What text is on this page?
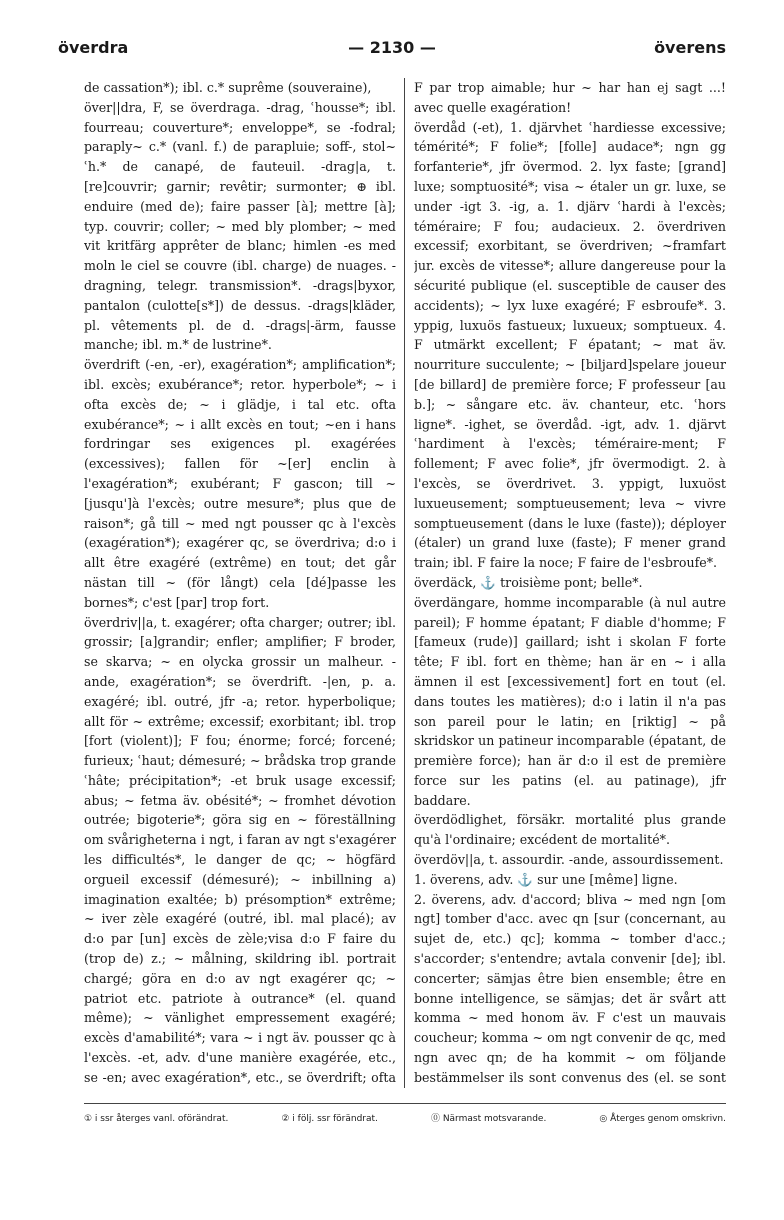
överdra	— 2130 —	överens

de cassation*); ibl. c.* suprême (souveraine),

över||dra, F, se överdraga. -drag, ʿhousse*; ibl. fourreau; couverture*; enveloppe*, se -fodral; paraply~ c.* (vanl. f.) de parapluie; soff-, stol~ ʿh.* de canapé, de fauteuil. -drag|a, t. [re]couvrir; garnir; revêtir; surmonter; ⊕ ibl. enduire (med de); faire passer [à]; mettre [à]; typ. couvrir; coller; ~ med bly plomber; ~ med vit kritfärg apprêter de blanc; himlen -es med moln le ciel se couvre (ibl. charge) de nuages. -dragning, telegr. transmission*. -drags|byxor, pantalon (culotte[s*]) de dessus. -drags|kläder, pl. vêtements pl. de d. -drags|-ärm, fausse manche; ibl. m.* de lustrine*.

överdrift (-en, -er), exagération*; amplification*; ibl. excès; exubérance*; retor. hyperbole*; ~ i ofta excès de; ~ i glädje, i tal etc. ofta exubérance*; ~ i allt excès en tout; ~en i hans fordringar ses exigences pl. exagérées (excessives); fallen för ~[er] enclin à l'exagération*; exubérant; F gascon; till ~ [jusqu']à l'excès; outre mesure*; plus que de raison*; gå till ~ med ngt pousser qc à l'excès (exagération*); exagérer qc, se överdriva; d:o i allt être exagéré (extrême) en tout; det går nästan till ~ (för långt) cela [dé]passe les bornes*; c'est [par] trop fort.

överdriv||a, t. exagérer; ofta charger; outrer; ibl. grossir; [a]grandir; enfler; amplifier; F broder, se skarva; ~ en olycka grossir un malheur. -ande, exagération*; se överdrift. -|en, p. a. exagéré; ibl. outré, jfr -a; retor. hyperbolique; allt för ~ extrême; excessif; exorbitant; ibl. trop [fort (violent)]; F fou; énorme; forcé; forcené; furieux; ʿhaut; démesuré; ~ brådska trop grande ʿhâte; précipitation*; -et bruk usage excessif; abus; ~ fetma äv. obésité*; ~ fromhet dévotion outrée; bigoterie*; göra sig en ~ föreställning om svårigheterna i ngt, i faran av ngt s'exagérer les difficultés*, le danger de qc; ~ högfärd orgueil excessif (démesuré); ~ inbillning a) imagination exaltée; b) présomption* extrême; ~ iver zèle exagéré (outré, ibl. mal placé); av d:o par [un] excès de zèle;visa d:o F faire du (trop de) z.; ~ målning, skildring ibl. portrait chargé; göra en d:o av ngt exagérer qc; ~ patriot etc. patriote à outrance* (el. quand même); ~ vänlighet empressement exagéré; excès d'amabilité*; vara ~ i ngt äv. pousser qc à l'excès. -et, adv. d'une manière exagérée, etc., se -en; avec exagération*, etc., se överdrift; ofta

F par trop aimable; hur ~ har han ej sagt ...! avec quelle exagération!

överdåd (-et), 1. djärvhet ʿhardiesse excessive; témérité*; F folie*; [folle] audace*; ngn gg forfanterie*, jfr övermod. 2. lyx faste; [grand] luxe; somptuosité*; visa ~ étaler un gr. luxe, se under -igt 3. -ig, a. 1. djärv ʿhardi à l'excès; téméraire; F fou; audacieux. 2. överdriven excessif; exorbitant, se överdriven; ~framfart jur. excès de vitesse*; allure dangereuse pour la sécurité publique (el. susceptible de causer des accidents); ~ lyx luxe exagéré; F esbroufe*. 3. yppig, luxuös fastueux; luxueux; somptueux. 4. F utmärkt excellent; F épatant; ~ mat äv. nourriture succulente; ~ [biljard]spelare joueur [de billard] de première force; F professeur [au b.]; ~ sångare etc. äv. chanteur, etc. ʿhors ligne*. -ighet, se överdåd. -igt, adv. 1. djärvt ʿhardiment à l'excès; téméraire-ment; F follement; F avec folie*, jfr övermodigt. 2. à l'excès, se överdrivet. 3. yppigt, luxuöst luxueusement; somptueusement; leva ~ vivre somptueusement (dans le luxe (faste)); déployer (étaler) un grand luxe (faste); F mener grand train; ibl. F faire la noce; F faire de l'esbroufe*.

överdäck, ⚓ troisième pont; belle*.

överdängare, homme incomparable (à nul autre pareil); F homme épatant; F diable d'homme; F [fameux (rude)] gaillard; isht i skolan F forte tête; F ibl. fort en thème; han är en ~ i alla ämnen il est [excessivement] fort en tout (el. dans toutes les matières); d:o i latin il n'a pas son pareil pour le latin; en [riktig] ~ på skridskor un patineur incomparable (épatant, de première force); han är d:o il est de première force sur les patins (el. au patinage), jfr baddare.

överdödlighet, försäkr. mortalité plus grande qu'à l'ordinaire; excédent de mortalité*.

överdöv||a, t. assourdir. -ande, assourdissement.

1. överens, adv. ⚓ sur une [même] ligne.

2. överens, adv. d'accord; bliva ~ med ngn [om ngt] tomber d'acc. avec qn [sur (concernant, au sujet de, etc.) qc]; komma ~ tomber d'acc.; s'accorder; s'entendre; avtala convenir [de]; ibl. concerter; sämjas être bien ensemble; être en bonne intelligence, se sämjas; det är svårt att komma ~ med honom äv. F c'est un mauvais coucheur; komma ~ om ngt convenir de qc, med ngn avec qn; de ha kommit ~ om följande bestämmelser ils sont convenus des (el. se sont

① i ssr återges vanl. oförändrat.	② i följ. ssr förändrat.	⓪ Närmast motsvarande.	◎ Återges genom omskrivn.
